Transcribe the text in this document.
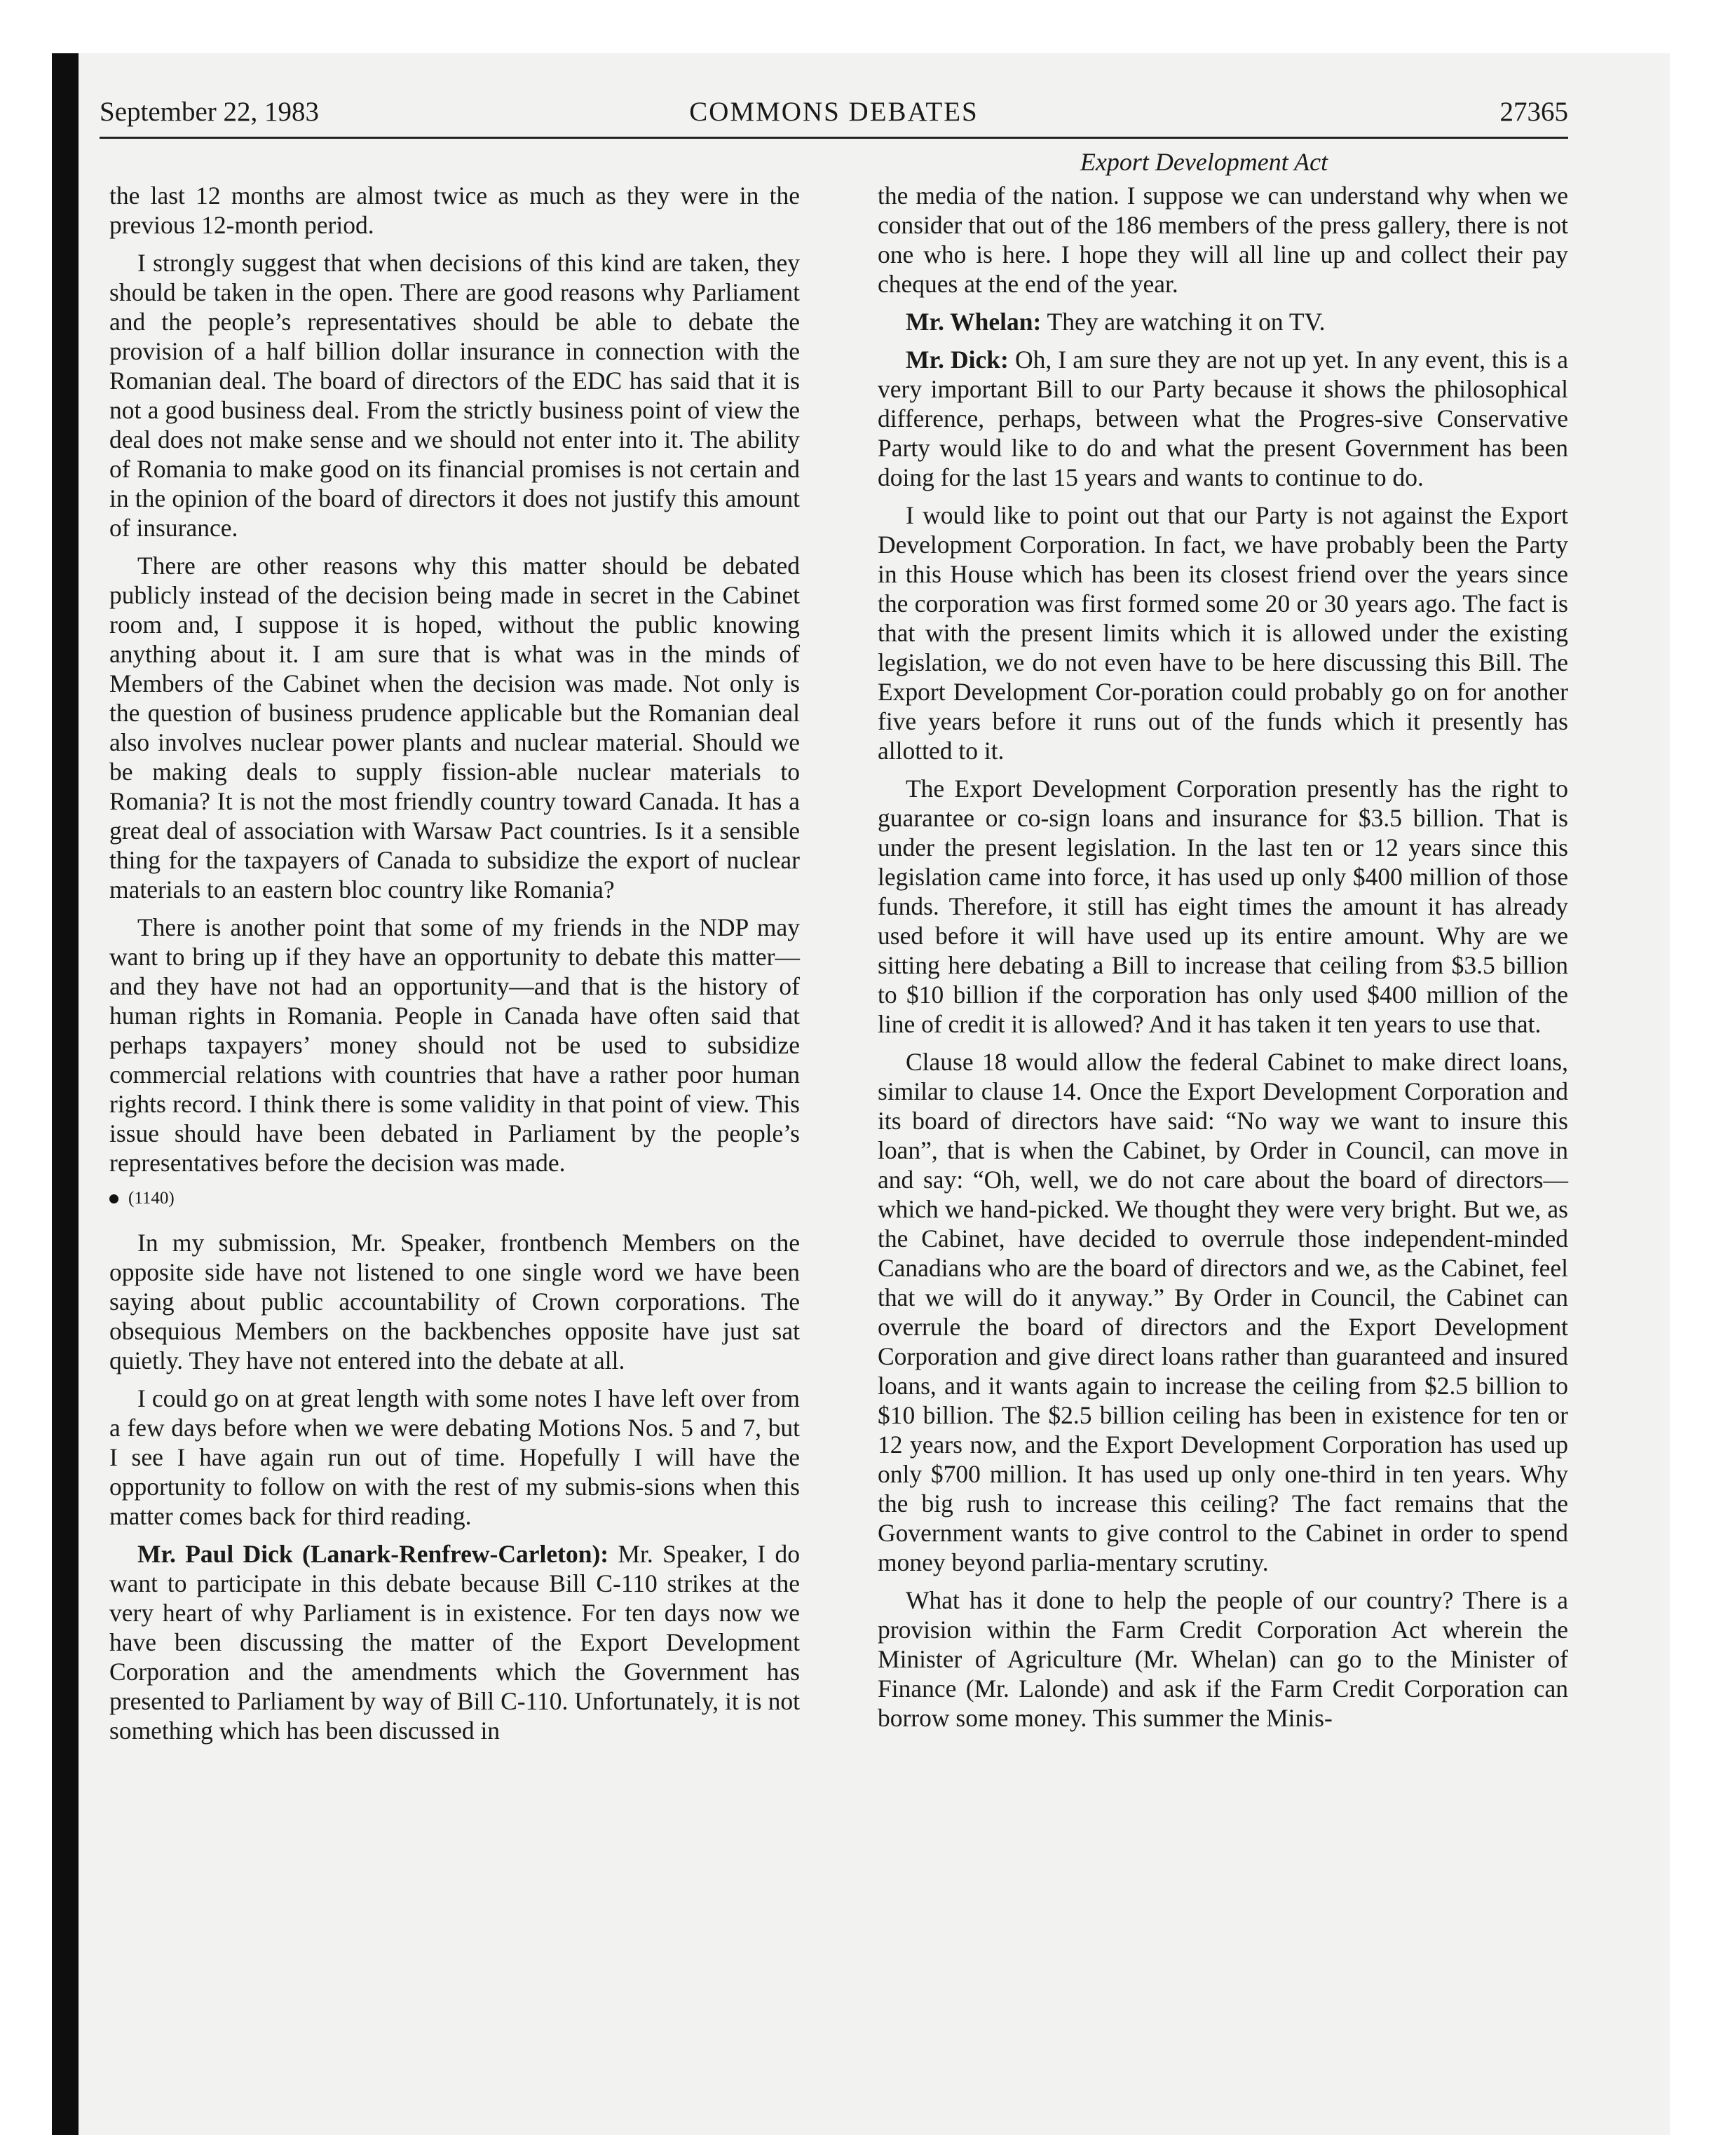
September 22, 1983	COMMONS DEBATES	27365
Export Development Act

the last 12 months are almost twice as much as they were in the previous 12-month period.

I strongly suggest that when decisions of this kind are taken, they should be taken in the open. There are good reasons why Parliament and the people’s representatives should be able to debate the provision of a half billion dollar insurance in connection with the Romanian deal. The board of directors of the EDC has said that it is not a good business deal. From the strictly business point of view the deal does not make sense and we should not enter into it. The ability of Romania to make good on its financial promises is not certain and in the opinion of the board of directors it does not justify this amount of insurance.

There are other reasons why this matter should be debated publicly instead of the decision being made in secret in the Cabinet room and, I suppose it is hoped, without the public knowing anything about it. I am sure that is what was in the minds of Members of the Cabinet when the decision was made. Not only is the question of business prudence applicable but the Romanian deal also involves nuclear power plants and nuclear material. Should we be making deals to supply fission-able nuclear materials to Romania? It is not the most friendly country toward Canada. It has a great deal of association with Warsaw Pact countries. Is it a sensible thing for the taxpayers of Canada to subsidize the export of nuclear materials to an eastern bloc country like Romania?

There is another point that some of my friends in the NDP may want to bring up if they have an opportunity to debate this matter—and they have not had an opportunity—and that is the history of human rights in Romania. People in Canada have often said that perhaps taxpayers’ money should not be used to subsidize commercial relations with countries that have a rather poor human rights record. I think there is some validity in that point of view. This issue should have been debated in Parliament by the people’s representatives before the decision was made.

(1140)

In my submission, Mr. Speaker, frontbench Members on the opposite side have not listened to one single word we have been saying about public accountability of Crown corporations. The obsequious Members on the backbenches opposite have just sat quietly. They have not entered into the debate at all.

I could go on at great length with some notes I have left over from a few days before when we were debating Motions Nos. 5 and 7, but I see I have again run out of time. Hopefully I will have the opportunity to follow on with the rest of my submis-sions when this matter comes back for third reading.

Mr. Paul Dick (Lanark-Renfrew-Carleton): Mr. Speaker, I do want to participate in this debate because Bill C-110 strikes at the very heart of why Parliament is in existence. For ten days now we have been discussing the matter of the Export Development Corporation and the amendments which the Government has presented to Parliament by way of Bill C-110. Unfortunately, it is not something which has been discussed in

the media of the nation. I suppose we can understand why when we consider that out of the 186 members of the press gallery, there is not one who is here. I hope they will all line up and collect their pay cheques at the end of the year.

Mr. Whelan: They are watching it on TV.

Mr. Dick: Oh, I am sure they are not up yet. In any event, this is a very important Bill to our Party because it shows the philosophical difference, perhaps, between what the Progres-sive Conservative Party would like to do and what the present Government has been doing for the last 15 years and wants to continue to do.

I would like to point out that our Party is not against the Export Development Corporation. In fact, we have probably been the Party in this House which has been its closest friend over the years since the corporation was first formed some 20 or 30 years ago. The fact is that with the present limits which it is allowed under the existing legislation, we do not even have to be here discussing this Bill. The Export Development Cor-poration could probably go on for another five years before it runs out of the funds which it presently has allotted to it.

The Export Development Corporation presently has the right to guarantee or co-sign loans and insurance for $3.5 billion. That is under the present legislation. In the last ten or 12 years since this legislation came into force, it has used up only $400 million of those funds. Therefore, it still has eight times the amount it has already used before it will have used up its entire amount. Why are we sitting here debating a Bill to increase that ceiling from $3.5 billion to $10 billion if the corporation has only used $400 million of the line of credit it is allowed? And it has taken it ten years to use that.

Clause 18 would allow the federal Cabinet to make direct loans, similar to clause 14. Once the Export Development Corporation and its board of directors have said: “No way we want to insure this loan”, that is when the Cabinet, by Order in Council, can move in and say: “Oh, well, we do not care about the board of directors—which we hand-picked. We thought they were very bright. But we, as the Cabinet, have decided to overrule those independent-minded Canadians who are the board of directors and we, as the Cabinet, feel that we will do it anyway.” By Order in Council, the Cabinet can overrule the board of directors and the Export Development Corporation and give direct loans rather than guaranteed and insured loans, and it wants again to increase the ceiling from $2.5 billion to $10 billion. The $2.5 billion ceiling has been in existence for ten or 12 years now, and the Export Development Corporation has used up only $700 million. It has used up only one-third in ten years. Why the big rush to increase this ceiling? The fact remains that the Government wants to give control to the Cabinet in order to spend money beyond parlia-mentary scrutiny.

What has it done to help the people of our country? There is a provision within the Farm Credit Corporation Act wherein the Minister of Agriculture (Mr. Whelan) can go to the Minister of Finance (Mr. Lalonde) and ask if the Farm Credit Corporation can borrow some money. This summer the Minis-
